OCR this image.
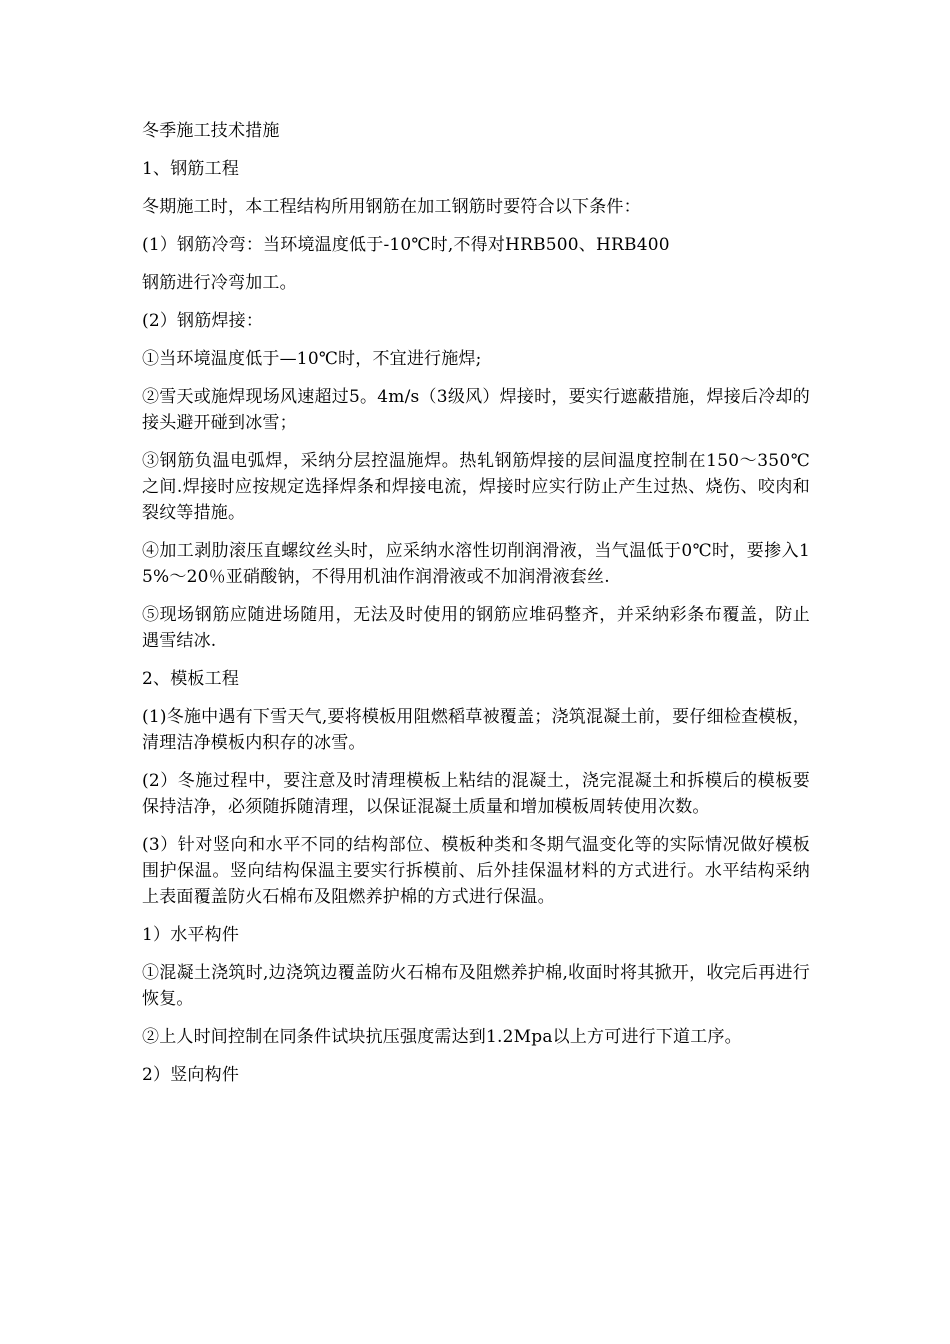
冬季施工技术措施

1、钢筋工程

冬期施工时，本工程结构所用钢筋在加工钢筋时要符合以下条件：

(1）钢筋冷弯：当环境温度低于-10℃时,不得对HRB500、HRB400

钢筋进行冷弯加工。

(2）钢筋焊接：

①当环境温度低于—10℃时，不宜进行施焊;

②雪天或施焊现场风速超过5。4m/s（3级风）焊接时，要实行遮蔽措施，焊接后冷却的接头避开碰到冰雪；

③钢筋负温电弧焊，采纳分层控温施焊。热轧钢筋焊接的层间温度控制在150～350℃之间.焊接时应按规定选择焊条和焊接电流，焊接时应实行防止产生过热、烧伤、咬肉和裂纹等措施。

④加工剥肋滚压直螺纹丝头时，应采纳水溶性切削润滑液，当气温低于0℃时，要掺入15%～20％亚硝酸钠，不得用机油作润滑液或不加润滑液套丝.

⑤现场钢筋应随进场随用，无法及时使用的钢筋应堆码整齐，并采纳彩条布覆盖，防止遇雪结冰.

2、模板工程

(1)冬施中遇有下雪天气,要将模板用阻燃稻草被覆盖；浇筑混凝土前，要仔细检查模板，清理洁净模板内积存的冰雪。

(2）冬施过程中，要注意及时清理模板上粘结的混凝土，浇完混凝土和拆模后的模板要保持洁净，必须随拆随清理，以保证混凝土质量和增加模板周转使用次数。

(3）针对竖向和水平不同的结构部位、模板种类和冬期气温变化等的实际情况做好模板围护保温。竖向结构保温主要实行拆模前、后外挂保温材料的方式进行。水平结构采纳上表面覆盖防火石棉布及阻燃养护棉的方式进行保温。

1）水平构件

①混凝土浇筑时,边浇筑边覆盖防火石棉布及阻燃养护棉,收面时将其掀开，收完后再进行恢复。

②上人时间控制在同条件试块抗压强度需达到1.2Mpa以上方可进行下道工序。

2）竖向构件
